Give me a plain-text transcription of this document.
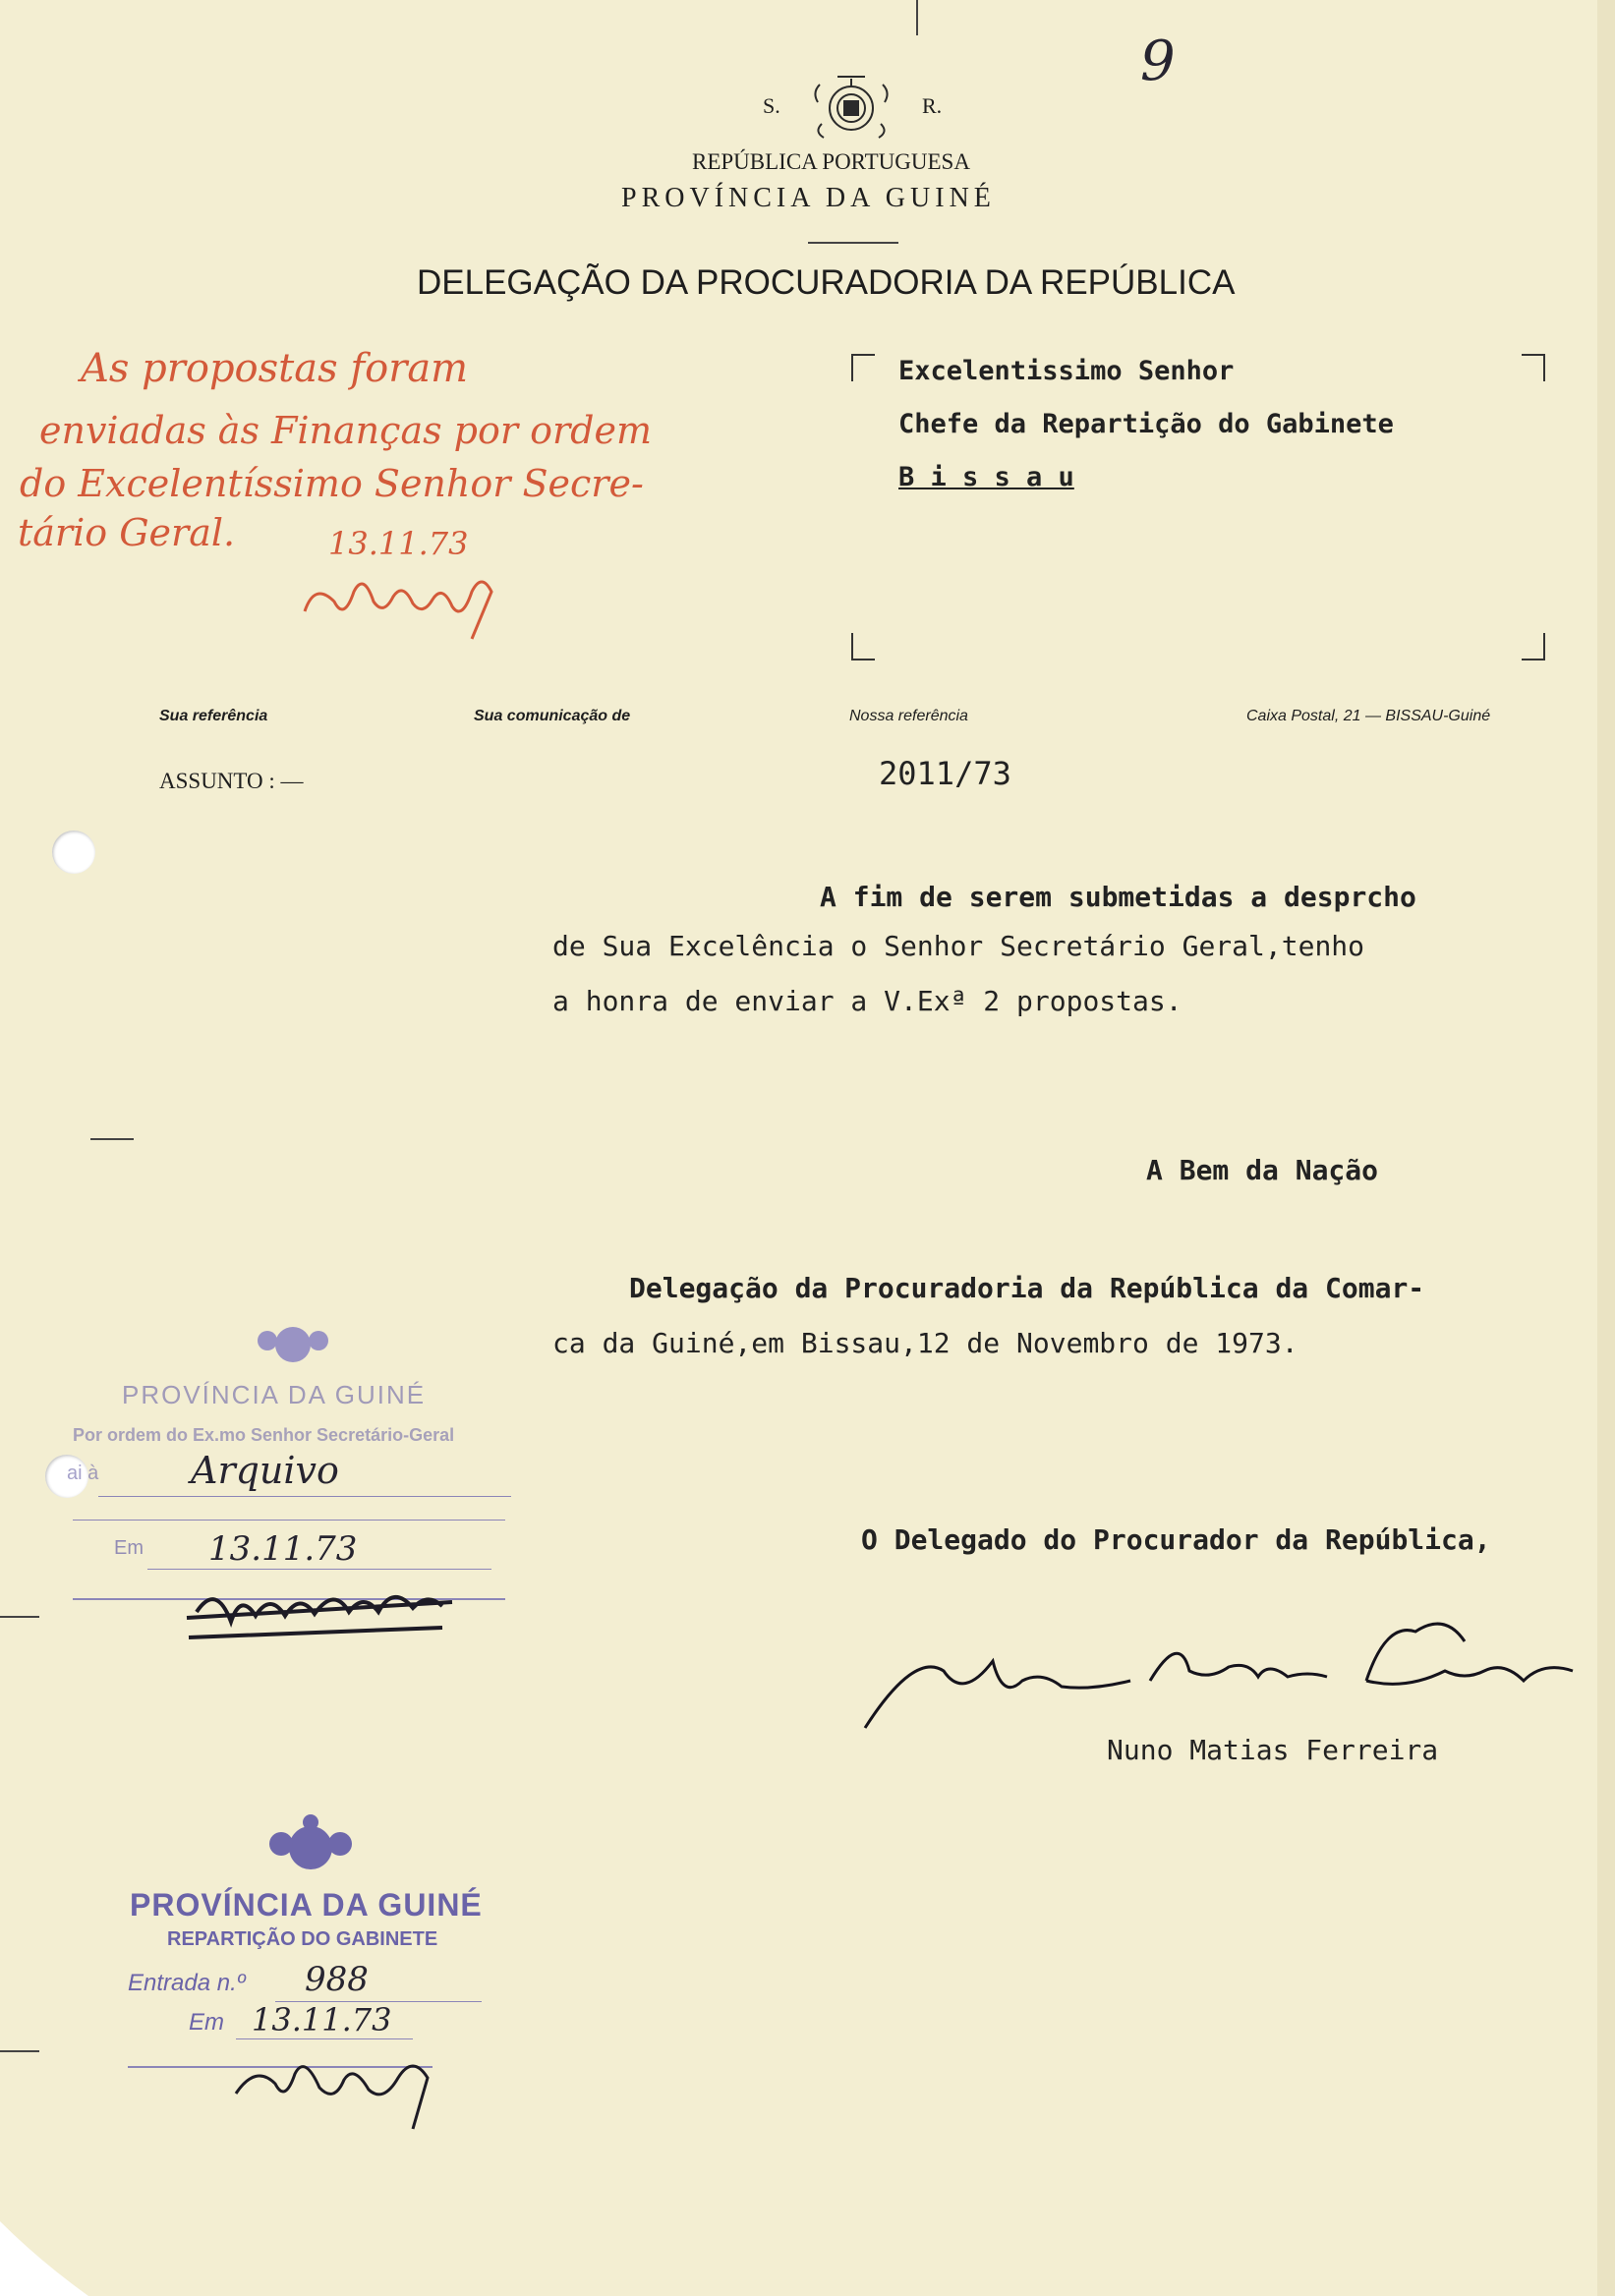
9
S.	R.
REPÚBLICA PORTUGUESA
PROVÍNCIA DA GUINÉ
DELEGAÇÃO DA PROCURADORIA DA REPÚBLICA
As propostas foram
enviadas às Finanças por ordem
do Excelentíssimo Senhor Secre-
tário Geral.	13.11.73
Excelentissimo Senhor
Chefe da Repartição do Gabinete
B i s s a u
Sua referência	Sua comunicação de	Nossa referência	Caixa Postal, 21 — BISSAU-Guiné
ASSUNTO : —	2011/73
A fim de serem submetidas a desprcho
de Sua Excelência o Senhor Secretário Geral,tenho
a honra de enviar a V.Exª 2 propostas.
A Bem da Nação
Delegação da Procuradoria da República da Comar-
ca da Guiné,em Bissau,12 de Novembro de 1973.
PROVÍNCIA DA GUINÉ
Por ordem do Ex.mo Senhor Secretário-Geral
ai à Arquivo
Em 13.11.73	O Delegado do Procurador da República,
Nuno Matias Ferreira
PROVÍNCIA DA GUINÉ
REPARTIÇÃO DO GABINETE
Entrada n.º 988
Em 13.11.73
